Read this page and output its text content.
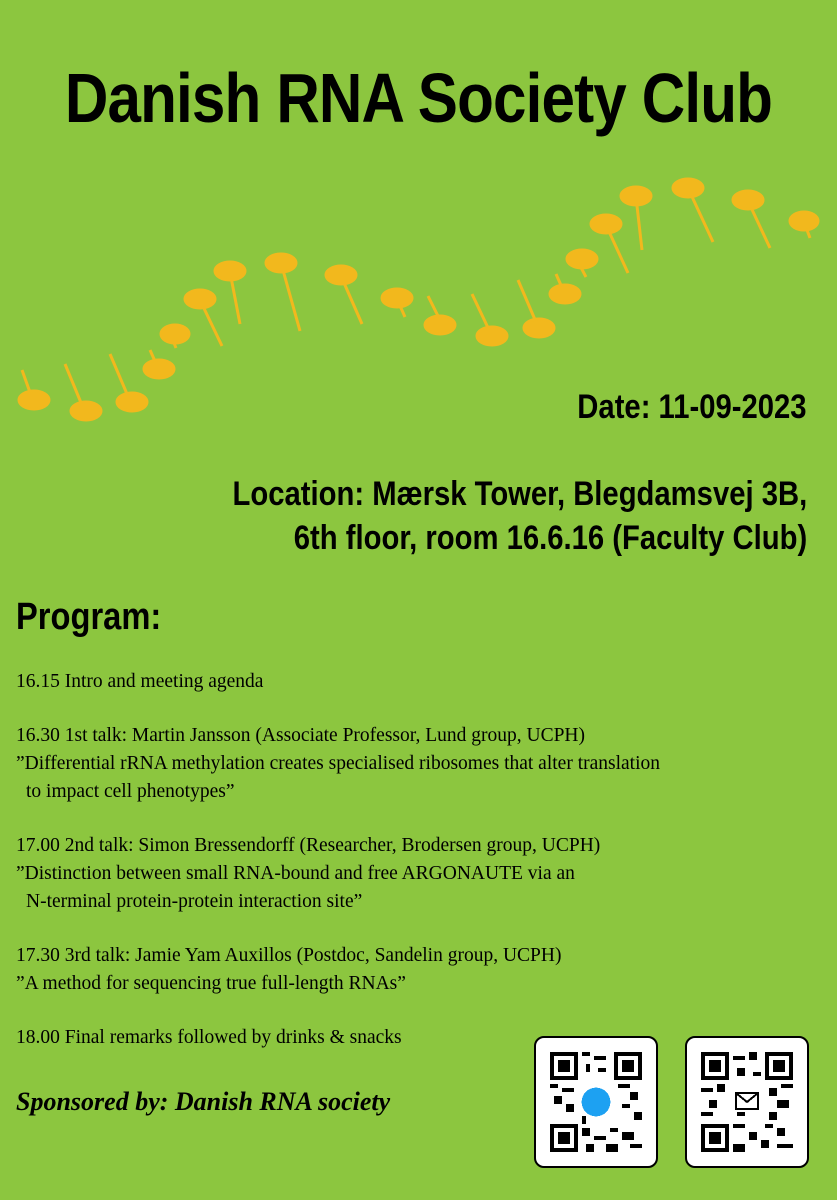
Danish RNA Society Club
Date: 11-09-2023
Location: Mærsk Tower, Blegdamsvej 3B,
6th floor, room 16.6.16 (Faculty Club)
Program:
16.15 Intro and meeting agenda
16.30 1st talk: Martin Jansson (Associate Professor, Lund group, UCPH)
”Differential rRNA methylation creates specialised ribosomes that alter translation
to impact cell phenotypes”
17.00 2nd talk: Simon Bressendorff (Researcher, Brodersen group, UCPH)
”Distinction between small RNA-bound and free ARGONAUTE via an
N-terminal protein-protein interaction site”
17.30 3rd talk: Jamie Yam Auxillos (Postdoc, Sandelin group, UCPH)
”A method for sequencing true full-length RNAs”
18.00 Final remarks followed by drinks & snacks
Sponsored by: Danish RNA society
